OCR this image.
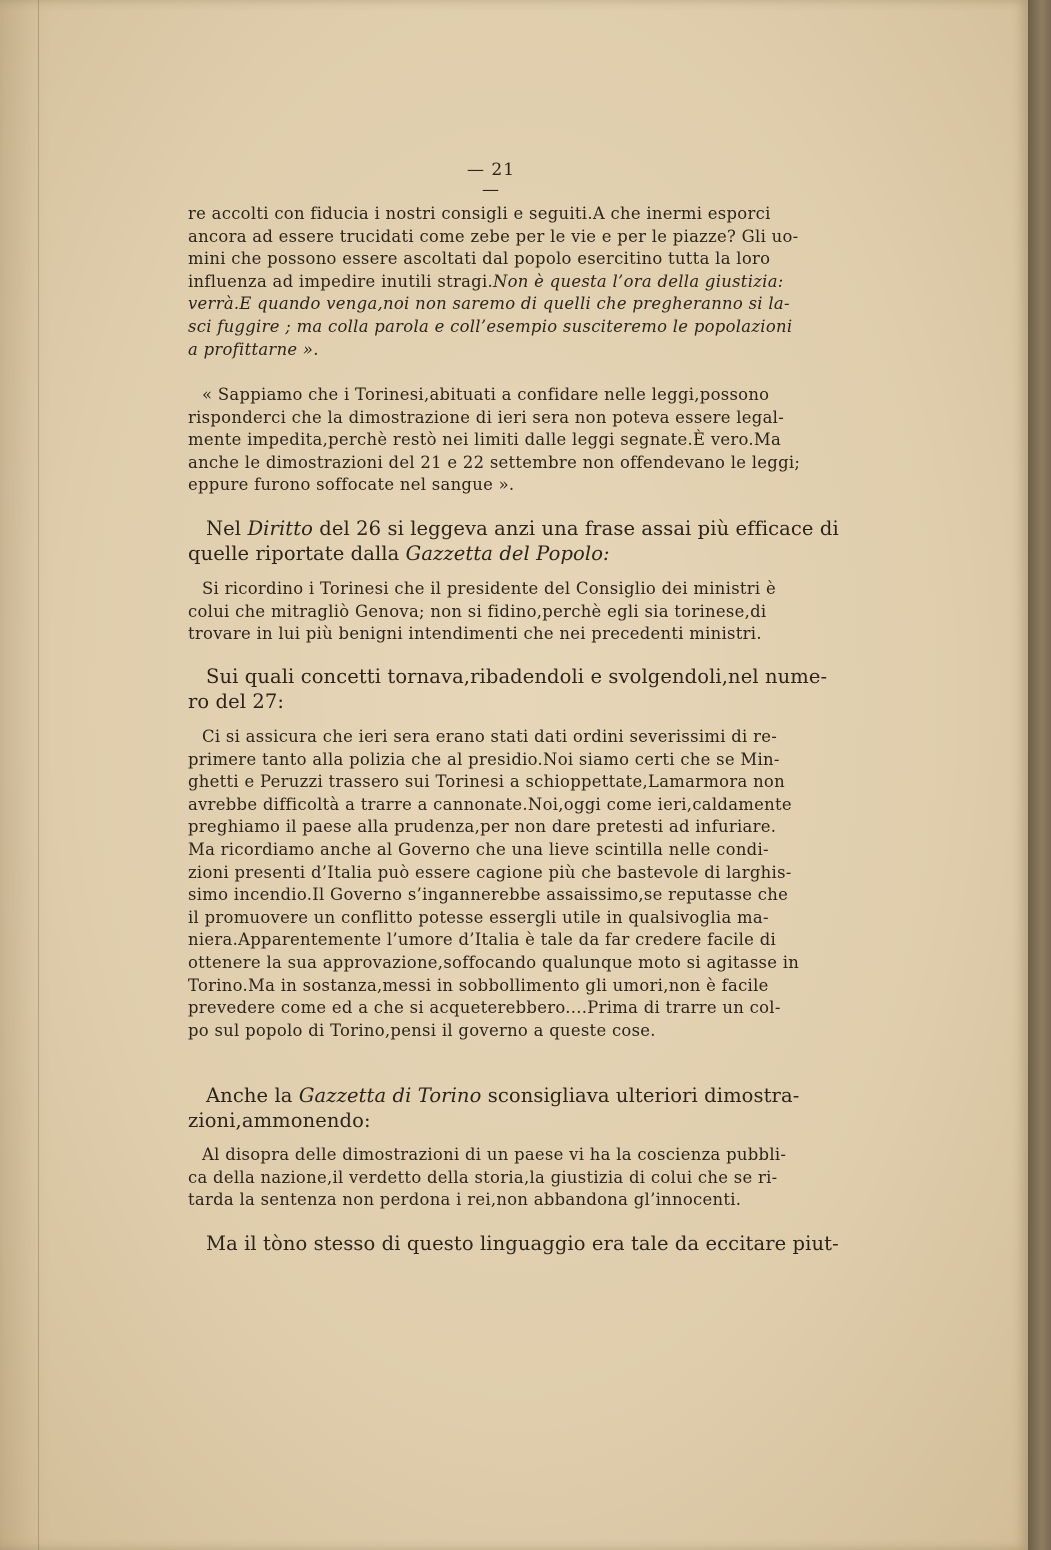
— 21 —
re accolti con fiducia i nostri consigli e seguiti.A che inermi esporci
ancora ad essere trucidati come zebe per le vie e per le piazze? Gli uo-
mini che possono essere ascoltati dal popolo esercitino tutta la loro
influenza ad impedire inutili stragi.Non è questa l’ora della giustizia:
verrà.E quando venga,noi non saremo di quelli che pregheranno si la-
sci fuggire ; ma colla parola e coll’esempio susciteremo le popolazioni
a profittarne ».
« Sappiamo che i Torinesi,abituati a confidare nelle leggi,possono
risponderci che la dimostrazione di ieri sera non poteva essere legal-
mente impedita,perchè restò nei limiti dalle leggi segnate.È vero.Ma
anche le dimostrazioni del 21 e 22 settembre non offendevano le leggi;
eppure furono soffocate nel sangue ».
Nel Diritto del 26 si leggeva anzi una frase assai più efficace di
quelle riportate dalla Gazzetta del Popolo:
Si ricordino i Torinesi che il presidente del Consiglio dei ministri è
colui che mitragliò Genova; non si fidino,perchè egli sia torinese,di
trovare in lui più benigni intendimenti che nei precedenti ministri.
Sui quali concetti tornava,ribadendoli e svolgendoli,nel nume-
ro del 27:
Ci si assicura che ieri sera erano stati dati ordini severissimi di re-
primere tanto alla polizia che al presidio.Noi siamo certi che se Min-
ghetti e Peruzzi trassero sui Torinesi a schioppettate,Lamarmora non
avrebbe difficoltà a trarre a cannonate.Noi,oggi come ieri,caldamente
preghiamo il paese alla prudenza,per non dare pretesti ad infuriare.
Ma ricordiamo anche al Governo che una lieve scintilla nelle condi-
zioni presenti d’Italia può essere cagione più che bastevole di larghis-
simo incendio.Il Governo s’ingannerebbe assaissimo,se reputasse che
il promuovere un conflitto potesse essergli utile in qualsivoglia ma-
niera.Apparentemente l’umore d’Italia è tale da far credere facile di
ottenere la sua approvazione,soffocando qualunque moto si agitasse in
Torino.Ma in sostanza,messi in sobbollimento gli umori,non è facile
prevedere come ed a che si acqueterebbero....Prima di trarre un col-
po sul popolo di Torino,pensi il governo a queste cose.
Anche la Gazzetta di Torino sconsigliava ulteriori dimostra-
zioni,ammonendo:
Al disopra delle dimostrazioni di un paese vi ha la coscienza pubbli-
ca della nazione,il verdetto della storia,la giustizia di colui che se ri-
tarda la sentenza non perdona i rei,non abbandona gl’innocenti.
Ma il tòno stesso di questo linguaggio era tale da eccitare piut-
